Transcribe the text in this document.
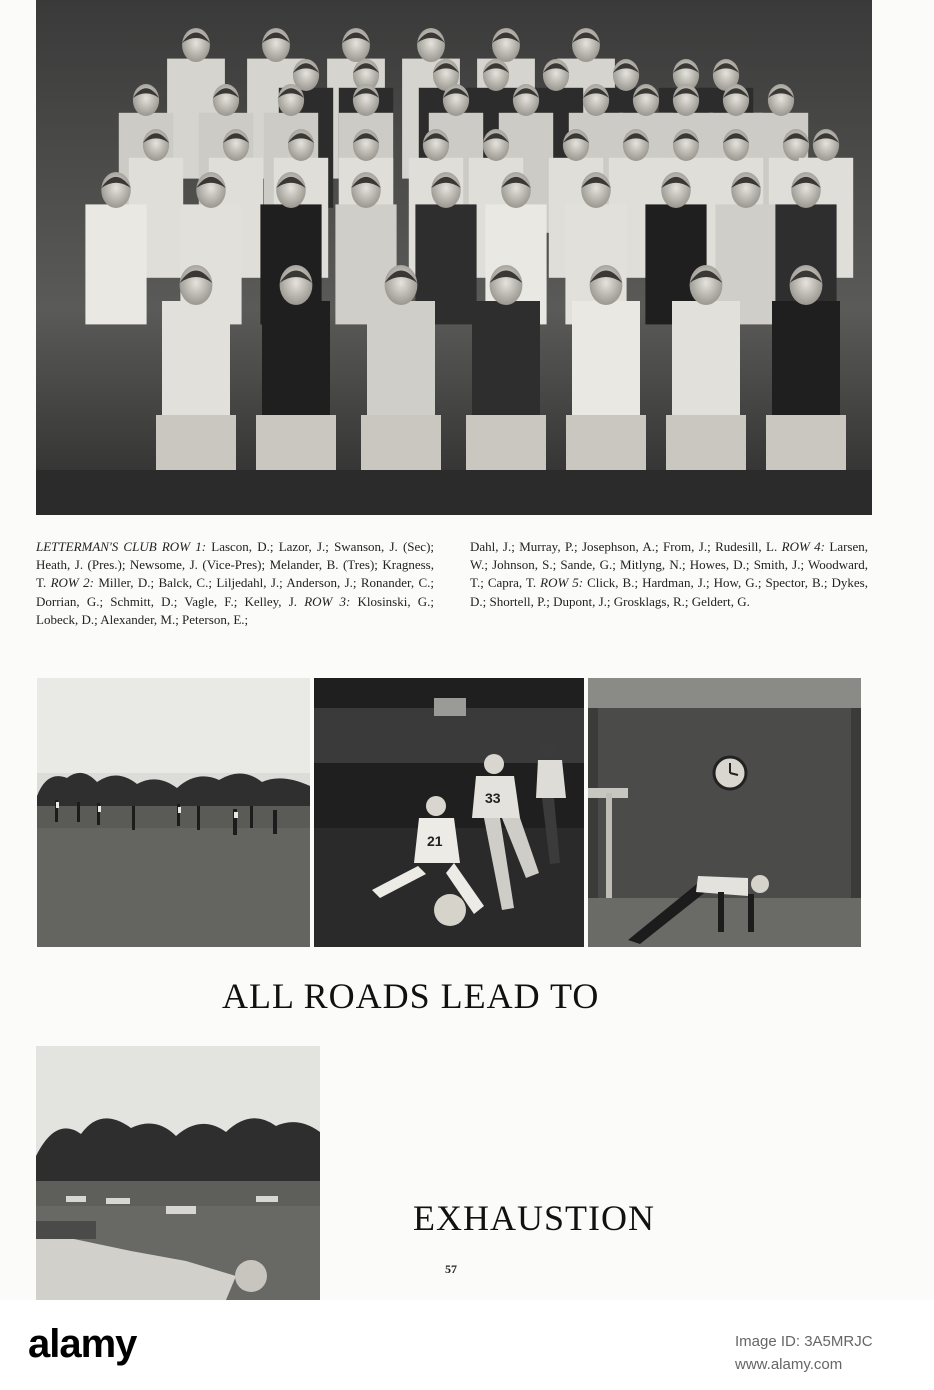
LETTERMAN'S CLUB ROW 1: Lascon, D.; Lazor, J.; Swanson, J. (Sec); Heath, J. (Pres.); Newsome, J. (Vice-Pres); Melander, B. (Tres); Kragness, T. ROW 2: Miller, D.; Balck, C.; Liljedahl, J.; Anderson, J.; Ronander, C.; Dorrian, G.; Schmitt, D.; Vagle, F.; Kelley, J. ROW 3: Klosinski, G.; Lobeck, D.; Alexander, M.; Peterson, E.;
Dahl, J.; Murray, P.; Josephson, A.; From, J.; Rudesill, L. ROW 4: Larsen, W.; Johnson, S.; Sande, G.; Mitlyng, N.; Howes, D.; Smith, J.; Woodward, T.; Capra, T. ROW 5: Click, B.; Hardman, J.; How, G.; Spector, B.; Dykes, D.; Shortell, P.; Dupont, J.; Grosklags, R.; Geldert, G.
21
33
ALL ROADS LEAD TO
EXHAUSTION
57
alamy	Image ID: 3A5MRJC
www.alamy.com
